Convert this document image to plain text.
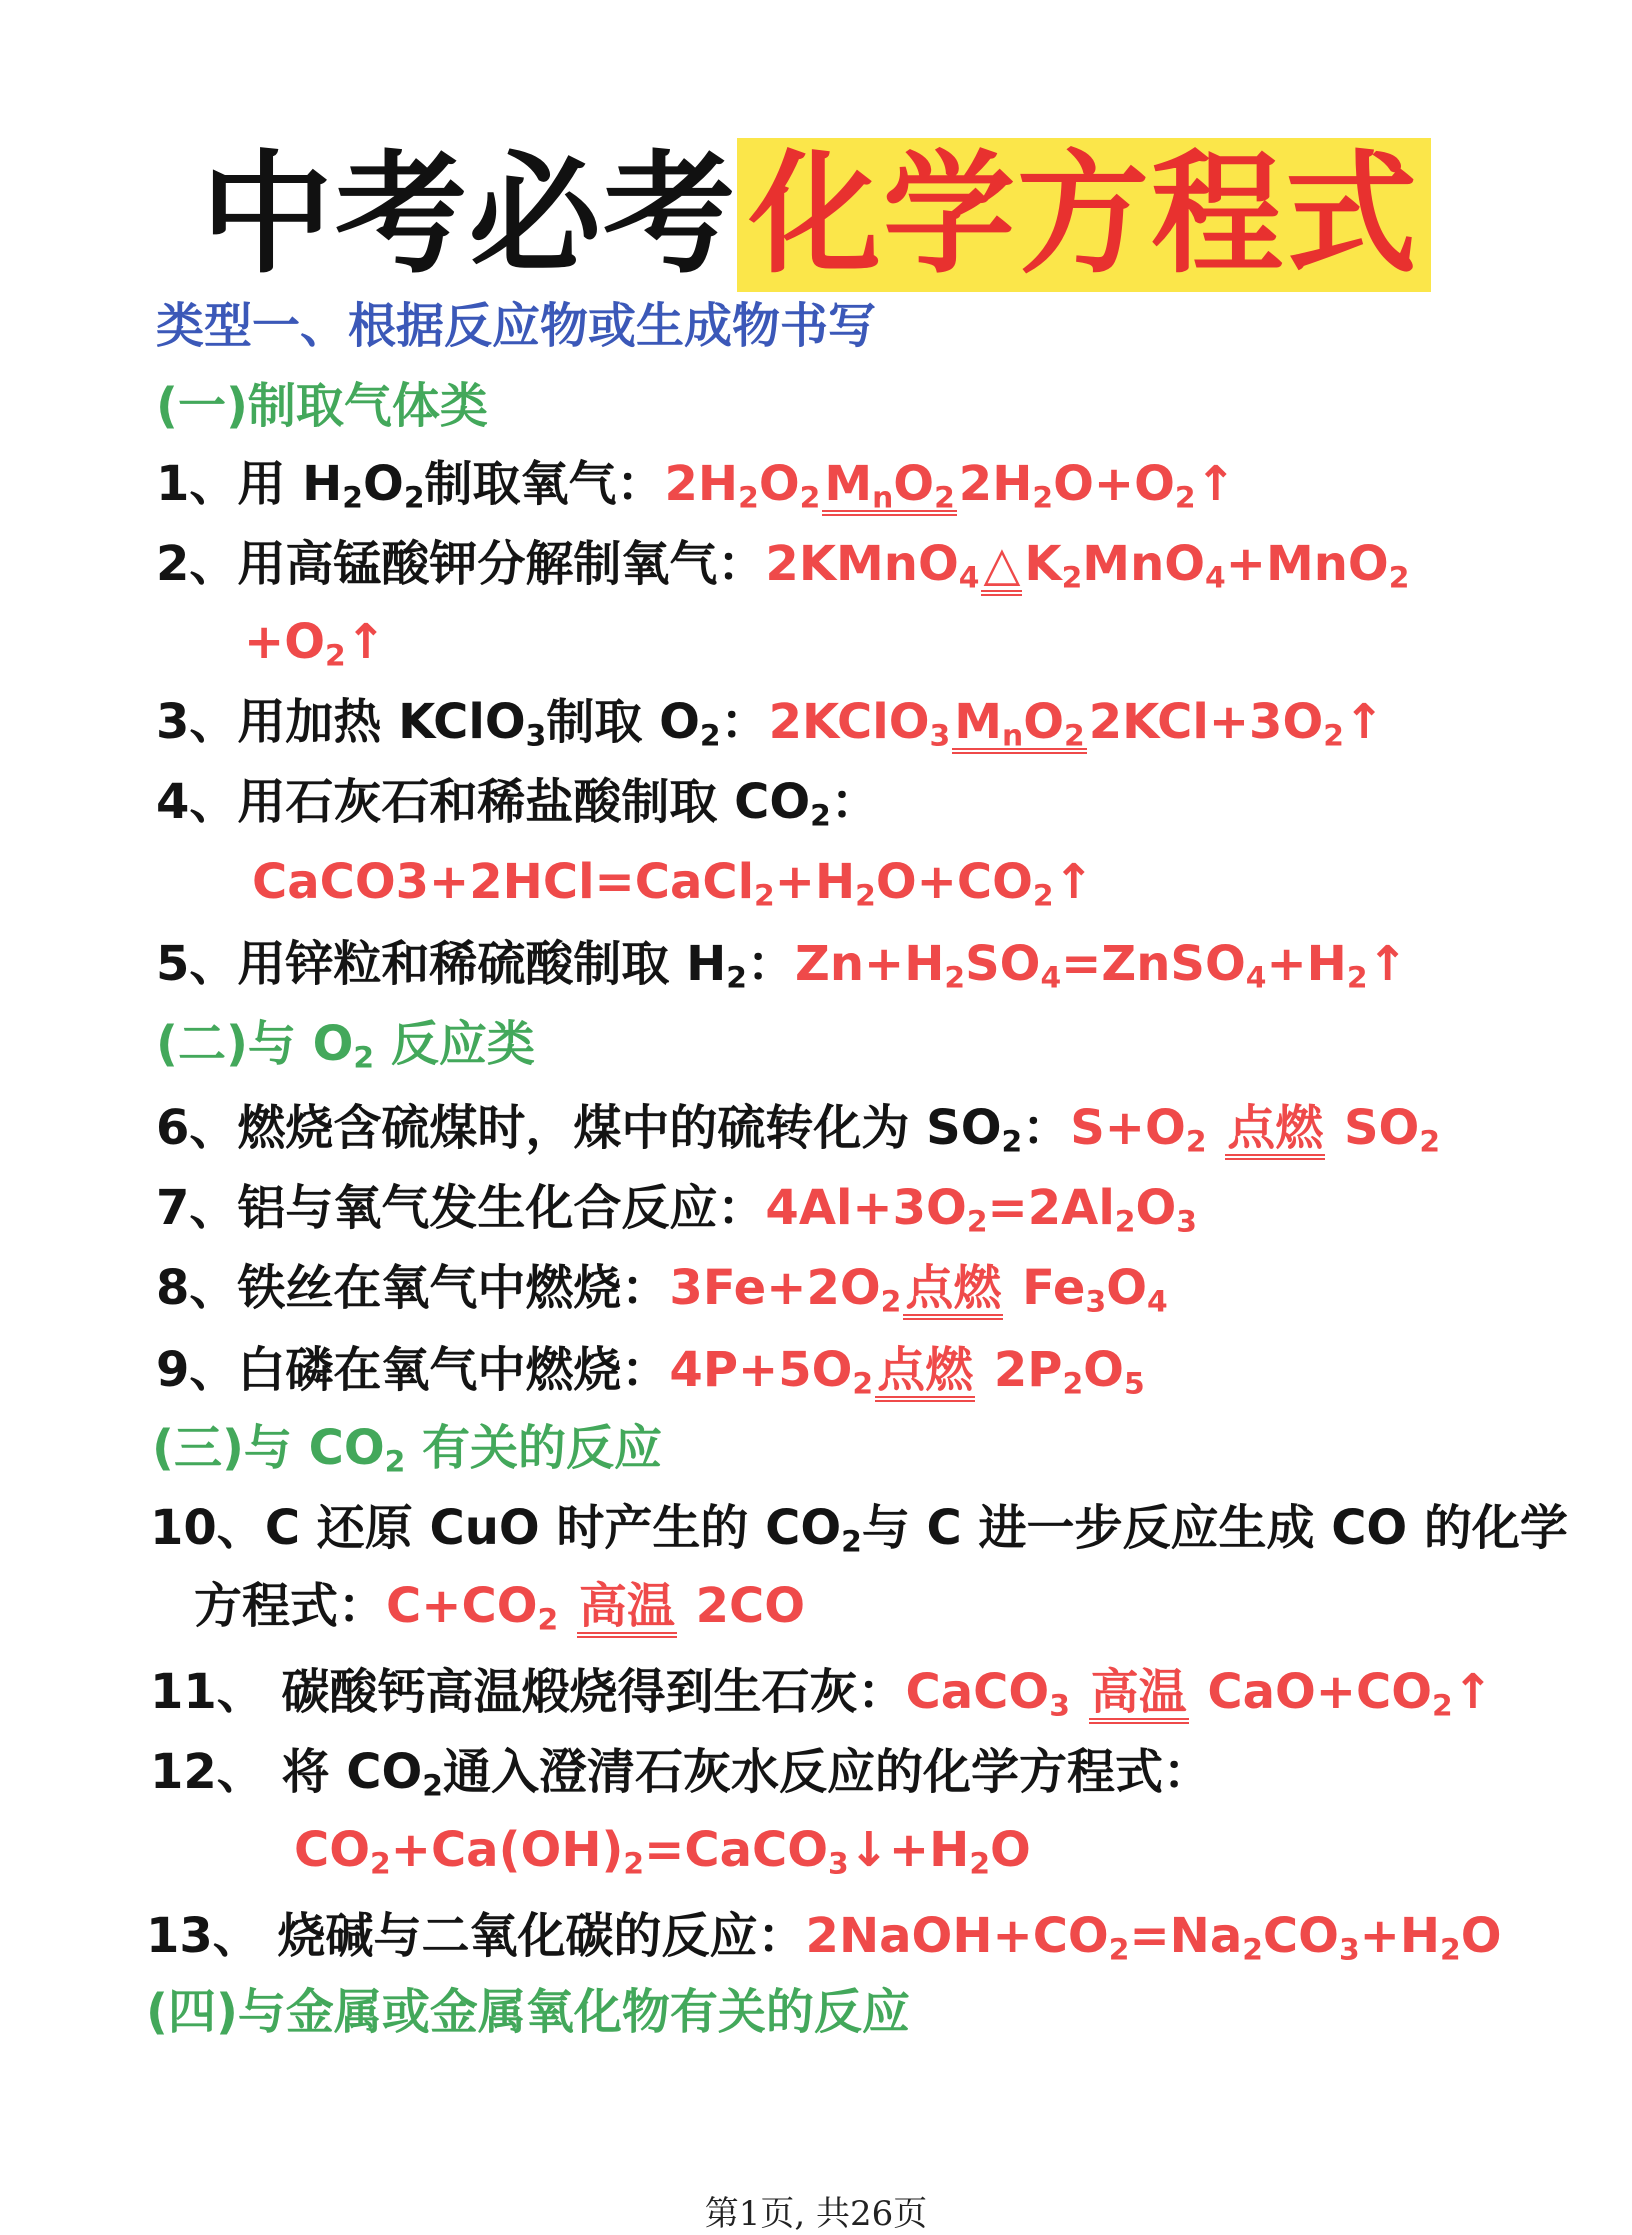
中考必考化学方程式
类型一、根据反应物或生成物书写
(一)制取气体类
1、用 $H_2O_2$制取氧气：$2H_2O_2M_nO_22H_2O+O_2↑$
2、用高锰酸钾分解制氧气：$2KMnO_4\triangle K_2MnO_4+MnO_2$
$+O_2↑$
3、用加热 KClO$_3$制取 $O_2$：$2KClO_3M_nO_22KCl+3O_2↑$
4、用石灰石和稀盐酸制取 $CO_2$：
$CaCO3+2HCl=CaCl_2+H_2O+CO_2↑$
5、用锌粒和稀硫酸制取 $H_2$：$Zn+H_2SO_4=ZnSO_4+H_2↑$
(二)与 $O_2$ 反应类
6、燃烧含硫煤时，煤中的硫转化为 $SO_2$：$S+O_2$ 点燃 $SO_2$
7、铝与氧气发生化合反应：$4Al+3O_2=2Al_2O_3$
8、铁丝在氧气中燃烧：$3Fe+2O_2$点燃 $Fe_3O_4$
9、白磷在氧气中燃烧：$4P+5O_2$点燃 $2P_2O_5$
(三)与 $CO_2$ 有关的反应
10、C 还原 CuO 时产生的 $CO_2$与 C 进一步反应生成 CO 的化学
方程式：$C+CO_2$ 高温 2CO
11、 碳酸钙高温煅烧得到生石灰：CaCO$_3$ 高温 $CaO+CO_2↑$
12、 将 $CO_2$通入澄清石灰水反应的化学方程式：
$CO_2+Ca(OH)_2=CaCO_3↓+H_2O$
13、 烧碱与二氧化碳的反应：$2NaOH+CO_2=Na_2CO_3+H_2O$
(四)与金属或金属氧化物有关的反应
第1页, 共26页
